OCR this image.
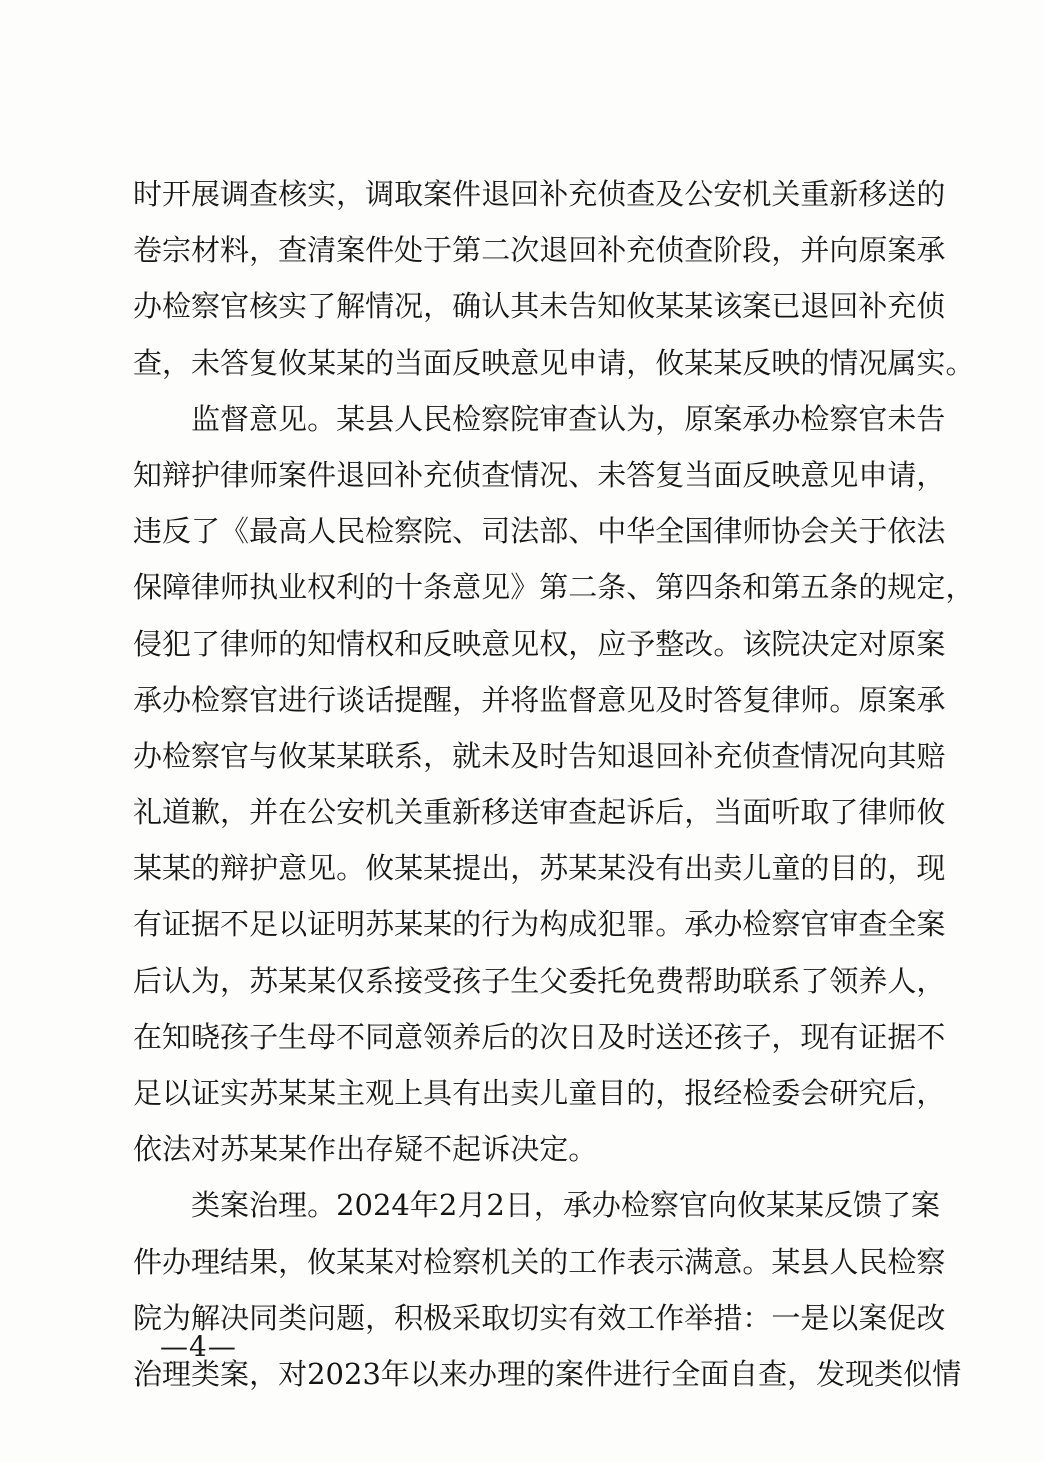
时 开 展 调 查 核 实 ， 调 取 案 件 退 回 补 充 侦 查 及 公 安 机 关 重 新 移 送 的
卷 宗 材 料 ， 查 清 案 件 处 于 第 二 次 退 回 补 充 侦 查 阶 段 ， 并 向 原 案 承
办 检 察 官 核 实 了 解 情 况 ， 确 认 其 未 告 知 攸 某 某 该 案 已 退 回 补 充 侦
查 ， 未 答 复 攸 某 某 的 当 面 反 映 意 见 申 请 ， 攸 某 某 反 映 的 情 况 属 实 。
监 督 意 见 。 某 县 人 民 检 察 院 审 查 认 为 ， 原 案 承 办 检 察 官 未 告
知 辩 护 律 师 案 件 退 回 补 充 侦 查 情 况 、 未 答 复 当 面 反 映 意 见 申 请 ，
违 反 了 《 最 高 人 民 检 察 院 、 司 法 部 、 中 华 全 国 律 师 协 会 关 于 依 法
保 障 律 师 执 业 权 利 的 十 条 意 见 》 第 二 条 、 第 四 条 和 第 五 条 的 规 定 ，
侵 犯 了 律 师 的 知 情 权 和 反 映 意 见 权 ， 应 予 整 改 。 该 院 决 定 对 原 案
承 办 检 察 官 进 行 谈 话 提 醒 ， 并 将 监 督 意 见 及 时 答 复 律 师 。 原 案 承
办 检 察 官 与 攸 某 某 联 系 ， 就 未 及 时 告 知 退 回 补 充 侦 查 情 况 向 其 赔
礼 道 歉 ， 并 在 公 安 机 关 重 新 移 送 审 查 起 诉 后 ， 当 面 听 取 了 律 师 攸
某 某 的 辩 护 意 见 。 攸 某 某 提 出 ， 苏 某 某 没 有 出 卖 儿 童 的 目 的 ， 现
有 证 据 不 足 以 证 明 苏 某 某 的 行 为 构 成 犯 罪 。 承 办 检 察 官 审 查 全 案
后 认 为 ， 苏 某 某 仅 系 接 受 孩 子 生 父 委 托 免 费 帮 助 联 系 了 领 养 人 ，
在 知 晓 孩 子 生 母 不 同 意 领 养 后 的 次 日 及 时 送 还 孩 子 ， 现 有 证 据 不
足 以 证 实 苏 某 某 主 观 上 具 有 出 卖 儿 童 目 的 ， 报 经 检 委 会 研 究 后 ，
依 法 对 苏 某 某 作 出 存 疑 不 起 诉 决 定 。
类 案 治 理 。 2024 年 2 月 2 日 ， 承 办 检 察 官 向 攸 某 某 反 馈 了 案
件 办 理 结 果 ， 攸 某 某 对 检 察 机 关 的 工 作 表 示 满 意 。 某 县 人 民 检 察
院 为 解 决 同 类 问 题 ， 积 极 采 取 切 实 有 效 工 作 举 措 ： 一 是 以 案 促 改
治 理 类 案 ， 对 2023 年 以 来 办 理 的 案 件 进 行 全 面 自 查 ， 发 现 类 似 情
—4—
